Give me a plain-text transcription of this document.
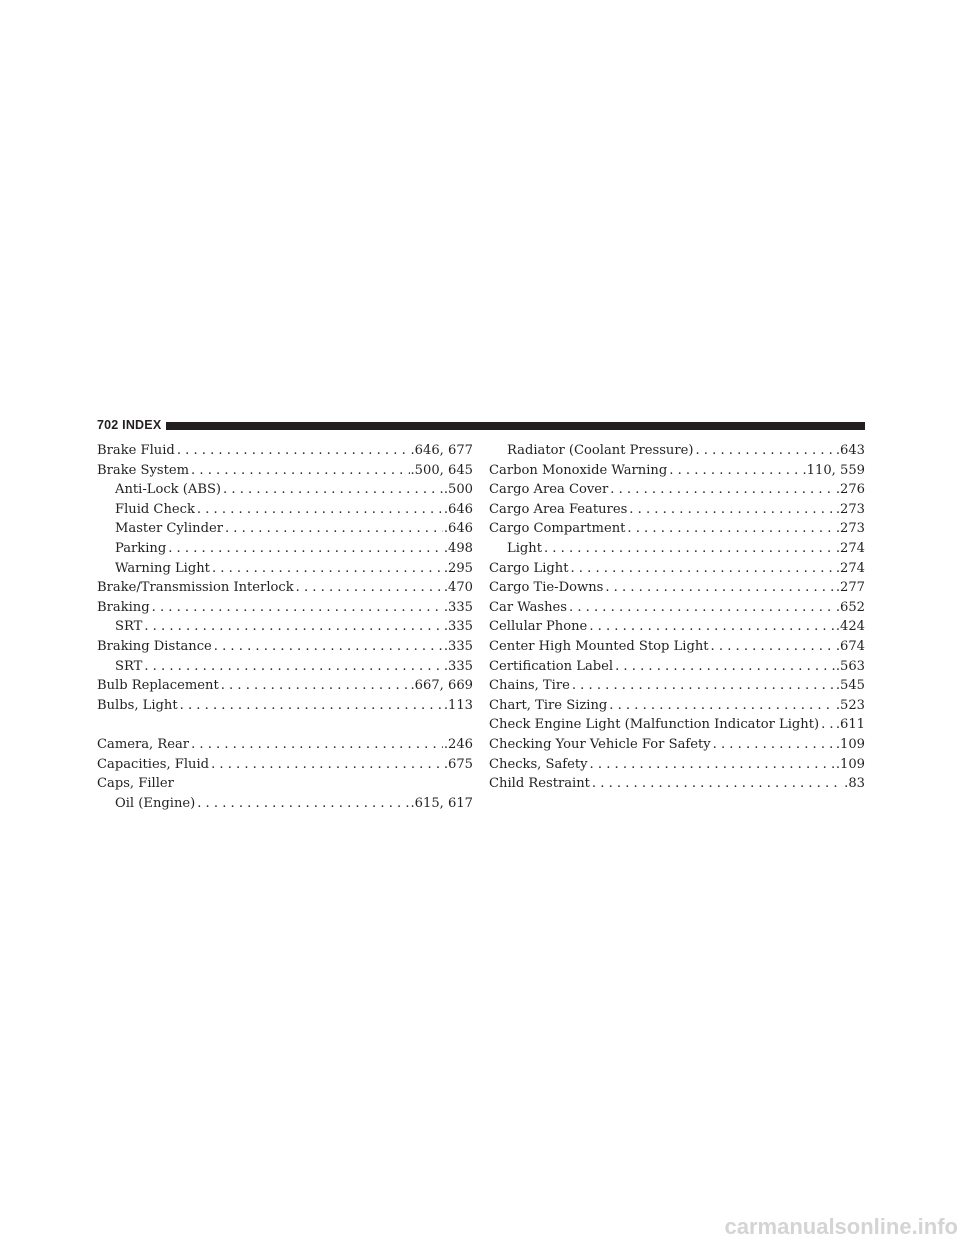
702 INDEX
Brake Fluid . . .	.646, 677
Brake System . . .	.500, 645
Anti-Lock (ABS) . . .	.500
Fluid Check . . .	.646
Master Cylinder . . .	.646
Parking . . .	.498
Warning Light . . .	.295
Brake/Transmission Interlock . . .	.470
Braking . . .	.335
SRT . . .	.335
Braking Distance . . .	.335
SRT . . .	.335
Bulb Replacement . . .	.667, 669
Bulbs, Light . . .	.113
Camera, Rear . . .	.246
Capacities, Fluid . . .	.675
Caps, Filler
Oil (Engine) . . .	.615, 617
Radiator (Coolant Pressure) . . .	.643
Carbon Monoxide Warning . . .	.110, 559
Cargo Area Cover . . .	.276
Cargo Area Features . . .	.273
Cargo Compartment . . .	.273
Light . . .	.274
Cargo Light . . .	.274
Cargo Tie-Downs . . .	.277
Car Washes . . .	.652
Cellular Phone . . .	.424
Center High Mounted Stop Light . . .	.674
Certification Label . . .	.563
Chains, Tire . . .	.545
Chart, Tire Sizing . . .	.523
Check Engine Light (Malfunction Indicator Light) . . . .611
Checking Your Vehicle For Safety . . .	.109
Checks, Safety . . .	.109
Child Restraint . . .	.83
carmanualsonline.info
